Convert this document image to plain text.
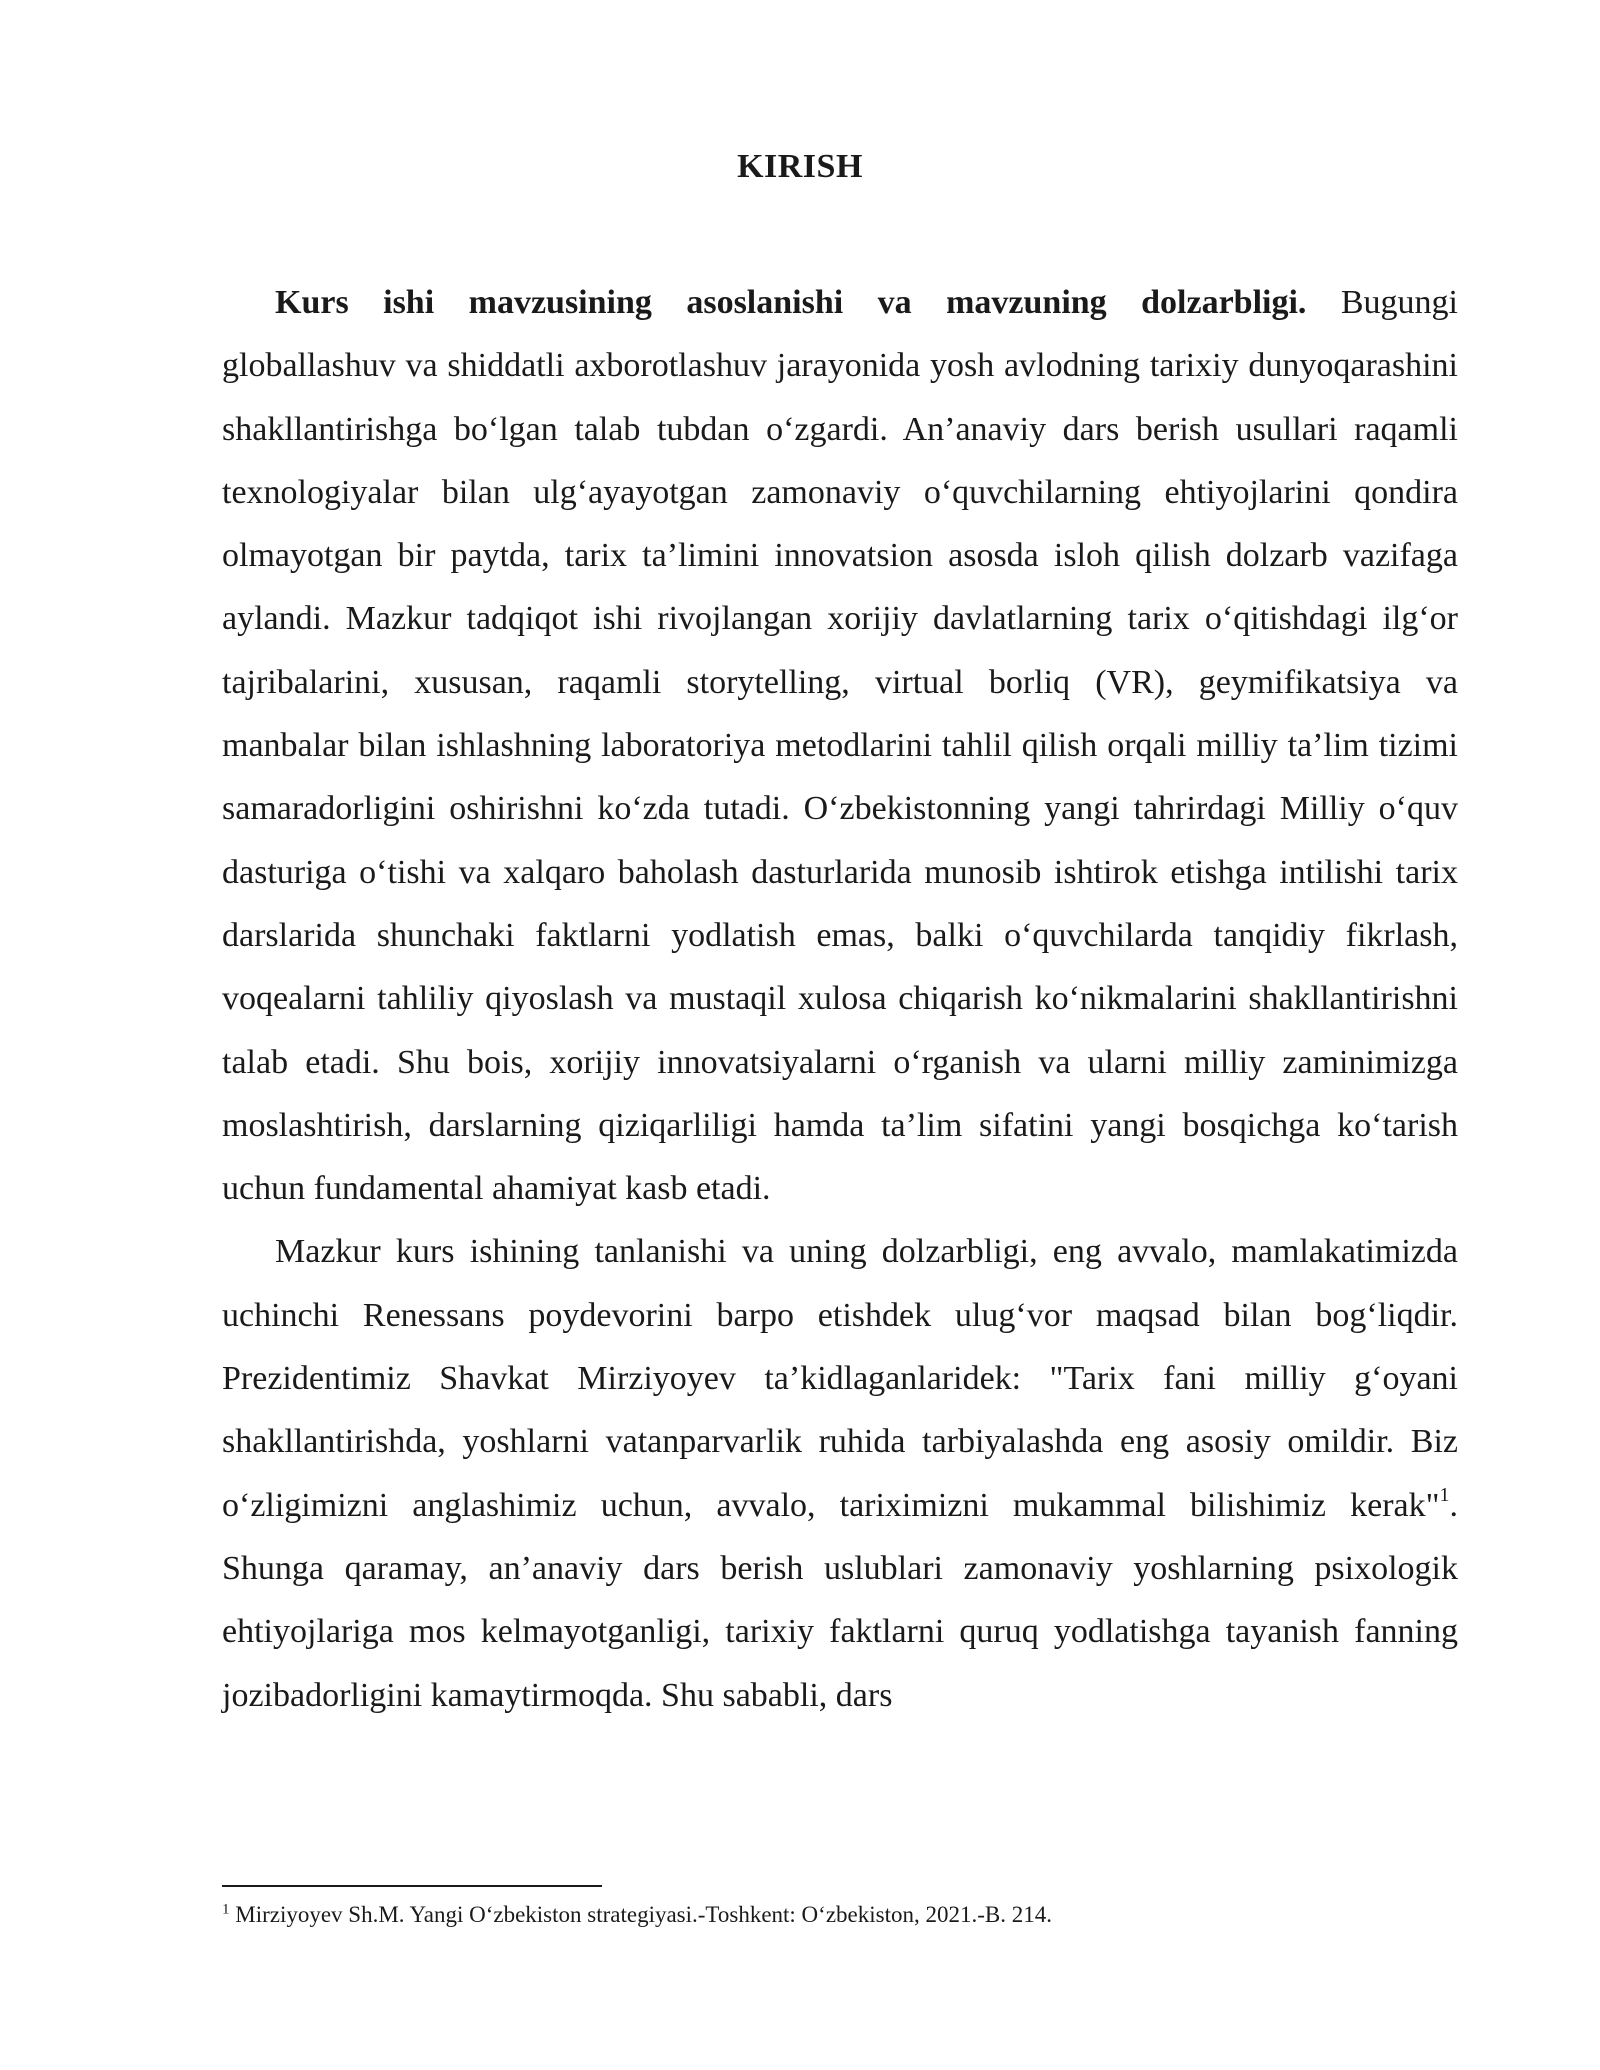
KIRISH

Kurs ishi mavzusining asoslanishi va mavzuning dolzarbligi. Bugungi globallashuv va shiddatli axborotlashuv jarayonida yosh avlodning tarixiy dunyoqarashini shakllantirishga bo‘lgan talab tubdan o‘zgardi. An’anaviy dars berish usullari raqamli texnologiyalar bilan ulg‘ayayotgan zamonaviy o‘quvchilarning ehtiyojlarini qondira olmayotgan bir paytda, tarix ta’limini innovatsion asosda isloh qilish dolzarb vazifaga aylandi. Mazkur tadqiqot ishi rivojlangan xorijiy davlatlarning tarix o‘qitishdagi ilg‘or tajribalarini, xususan, raqamli storytelling, virtual borliq (VR), geymifikatsiya va manbalar bilan ishlashning laboratoriya metodlarini tahlil qilish orqali milliy ta’lim tizimi samaradorligini oshirishni ko‘zda tutadi. O‘zbekistonning yangi tahrirdagi Milliy o‘quv dasturiga o‘tishi va xalqaro baholash dasturlarida munosib ishtirok etishga intilishi tarix darslarida shunchaki faktlarni yodlatish emas, balki o‘quvchilarda tanqidiy fikrlash, voqealarni tahliliy qiyoslash va mustaqil xulosa chiqarish ko‘nikmalarini shakllantirishni talab etadi. Shu bois, xorijiy innovatsiyalarni o‘rganish va ularni milliy zaminimizga moslashtirish, darslarning qiziqarliligi hamda ta’lim sifatini yangi bosqichga ko‘tarish uchun fundamental ahamiyat kasb etadi.

Mazkur kurs ishining tanlanishi va uning dolzarbligi, eng avvalo, mamlakatimizda uchinchi Renessans poydevorini barpo etishdek ulug‘vor maqsad bilan bog‘liqdir. Prezidentimiz Shavkat Mirziyoyev ta’kidlaganlaridek: "Tarix fani milliy g‘oyani shakllantirishda, yoshlarni vatanparvarlik ruhida tarbiyalashda eng asosiy omildir. Biz o‘zligimizni anglashimiz uchun, avvalo, tariximizni mukammal bilishimiz kerak"$^1$. Shunga qaramay, an’anaviy dars berish uslublari zamonaviy yoshlarning psixologik ehtiyojlariga mos kelmayotganligi, tarixiy faktlarni quruq yodlatishga tayanish fanning jozibadorligini kamaytirmoqda. Shu sababli, dars

$^1$ Mirziyoyev Sh.M. Yangi O‘zbekiston strategiyasi.-Toshkent: O‘zbekiston, 2021.-B. 214.
